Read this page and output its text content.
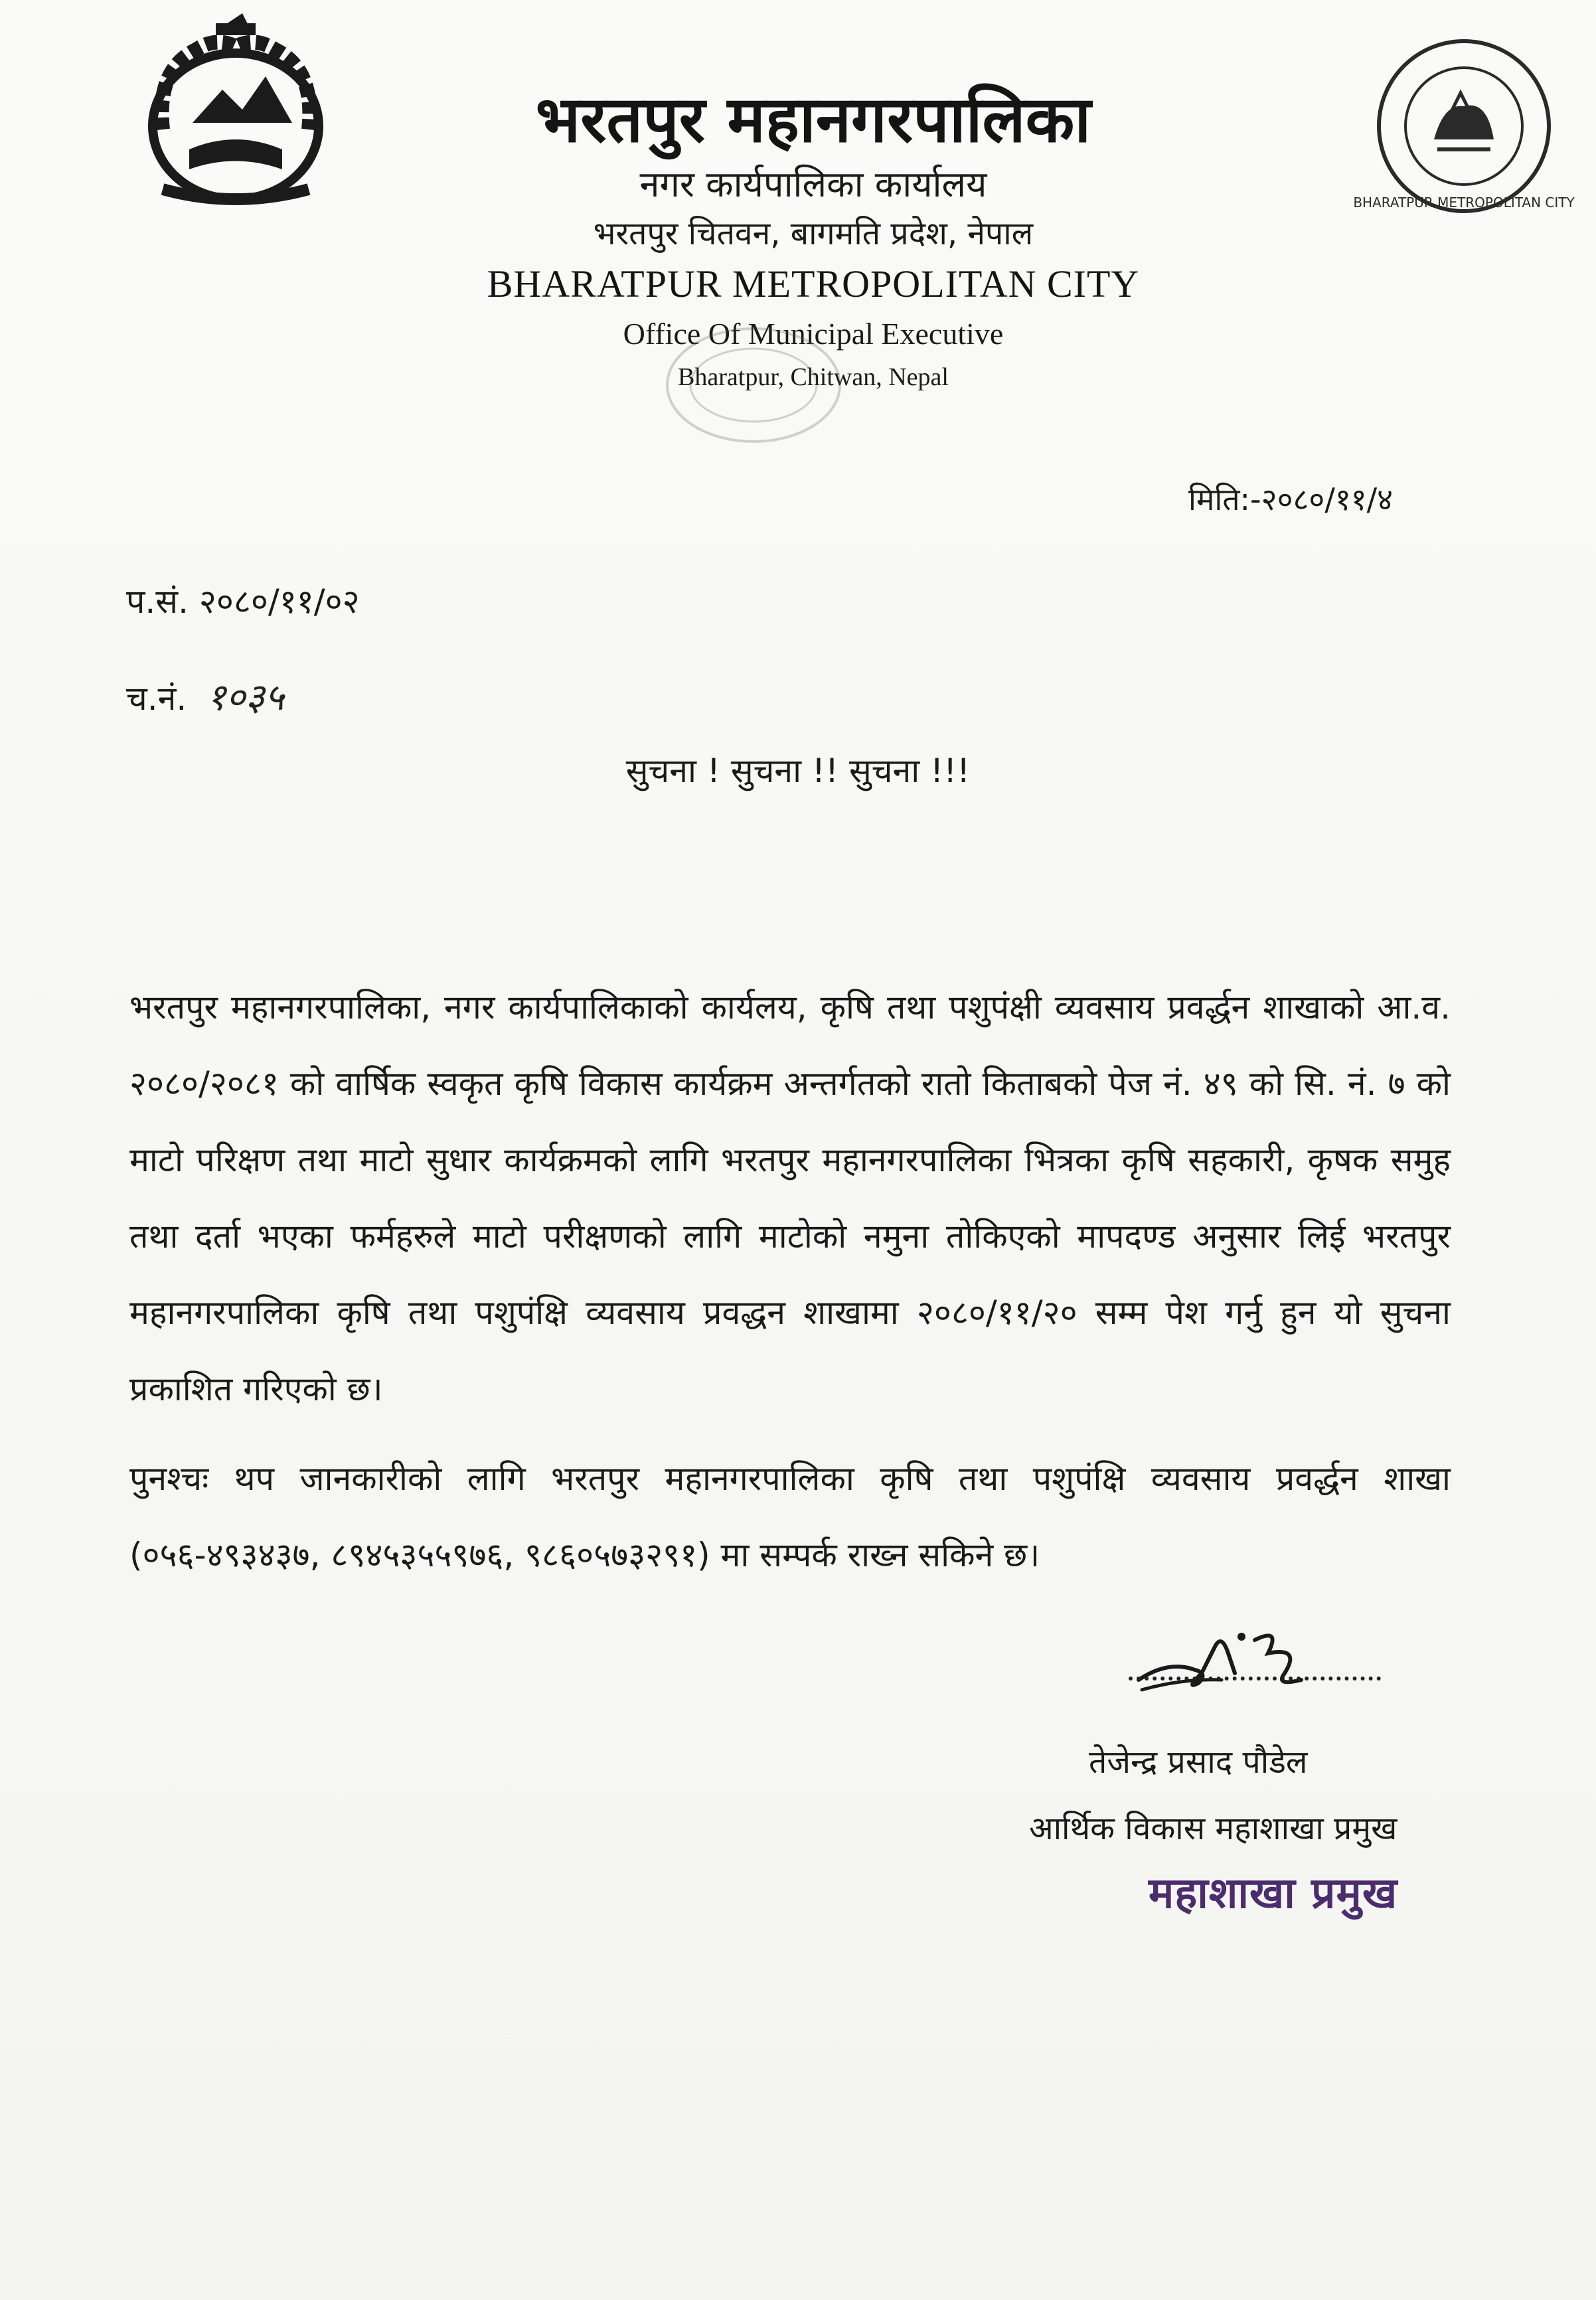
BHARATPUR METROPOLITAN CITY
भरतपुर महानगरपालिका
नगर कार्यपालिका कार्यालय
भरतपुर चितवन, बागमति प्रदेश, नेपाल
BHARATPUR METROPOLITAN CITY
Office Of Municipal Executive
Bharatpur, Chitwan, Nepal
मिति:-२०८०/११/४
प.सं. २०८०/११/०२
च.नं. १०३५
सुचना ! सुचना !! सुचना !!!
भरतपुर महानगरपालिका, नगर कार्यपालिकाको कार्यलय, कृषि तथा पशुपंक्षी व्यवसाय प्रवर्द्धन शाखाको आ.व. २०८०/२०८१ को वार्षिक स्वकृत कृषि विकास कार्यक्रम अन्तर्गतको रातो किताबको पेज नं. ४९ को सि. नं. ७ को माटो परिक्षण तथा माटो सुधार कार्यक्रमको लागि भरतपुर महानगरपालिका भित्रका कृषि सहकारी, कृषक समुह तथा दर्ता भएका फर्महरुले माटो परीक्षणको लागि माटोको नमुना तोकिएको मापदण्ड अनुसार लिई भरतपुर महानगरपालिका कृषि तथा पशुपंक्षि व्यवसाय प्रवद्धन शाखामा २०८०/११/२० सम्म पेश गर्नु हुन यो सुचना प्रकाशित गरिएको छ।
पुनश्चः थप जानकारीको लागि भरतपुर महानगरपालिका कृषि तथा पशुपंक्षि व्यवसाय प्रवर्द्धन शाखा (०५६-४९३४३७, ८९४५३५५९७६, ९८६०५७३२९१) मा सम्पर्क राख्न सकिने छ।
तेजेन्द्र प्रसाद पौडेल
आर्थिक विकास महाशाखा प्रमुख
महाशाखा प्रमुख
